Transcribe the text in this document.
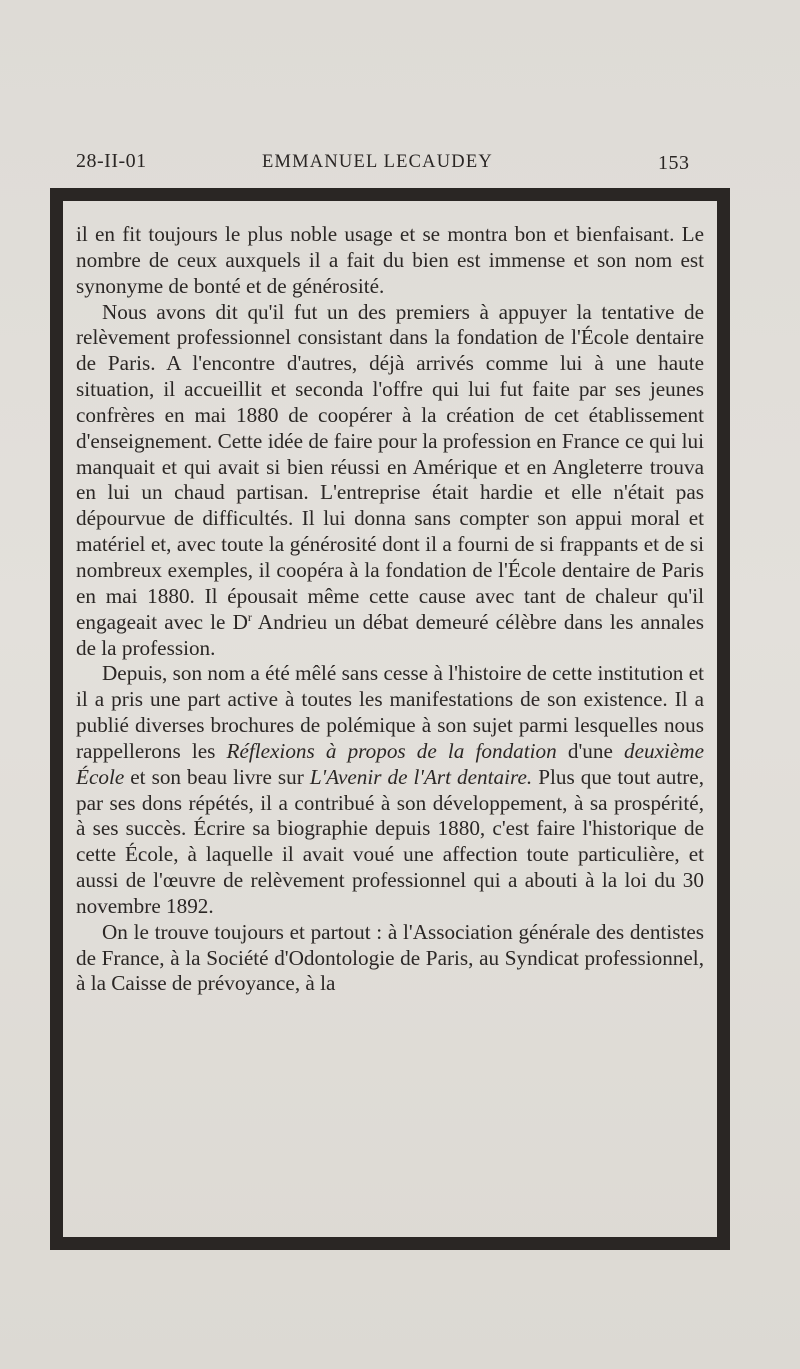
28-II-01	EMMANUEL LECAUDEY	153

il en fit toujours le plus noble usage et se montra bon et bienfaisant. Le nombre de ceux auxquels il a fait du bien est immense et son nom est synonyme de bonté et de générosité.

Nous avons dit qu'il fut un des premiers à appuyer la tentative de relèvement professionnel consistant dans la fondation de l'École dentaire de Paris. A l'encontre d'autres, déjà arrivés comme lui à une haute situation, il accueillit et seconda l'offre qui lui fut faite par ses jeunes confrères en mai 1880 de coopérer à la création de cet établissement d'enseignement. Cette idée de faire pour la profession en France ce qui lui manquait et qui avait si bien réussi en Amérique et en Angleterre trouva en lui un chaud partisan. L'entreprise était hardie et elle n'était pas dépourvue de difficultés. Il lui donna sans compter son appui moral et matériel et, avec toute la générosité dont il a fourni de si frappants et de si nombreux exemples, il coopéra à la fondation de l'École dentaire de Paris en mai 1880. Il épousait même cette cause avec tant de chaleur qu'il engageait avec le $D^r$ Andrieu un débat demeuré célèbre dans les annales de la profession.

Depuis, son nom a été mêlé sans cesse à l'histoire de cette institution et il a pris une part active à toutes les manifestations de son existence. Il a publié diverses brochures de polémique à son sujet parmi lesquelles nous rappellerons les Réflexions à propos de la fondation d'une deuxième École et son beau livre sur L'Avenir de l'Art dentaire. Plus que tout autre, par ses dons répétés, il a contribué à son développement, à sa prospérité, à ses succès. Écrire sa biographie depuis 1880, c'est faire l'historique de cette École, à laquelle il avait voué une affection toute particulière, et aussi de l'œuvre de relèvement professionnel qui a abouti à la loi du 30 novembre 1892.

On le trouve toujours et partout : à l'Association générale des dentistes de France, à la Société d'Odontologie de Paris, au Syndicat professionnel, à la Caisse de prévoyance, à la
